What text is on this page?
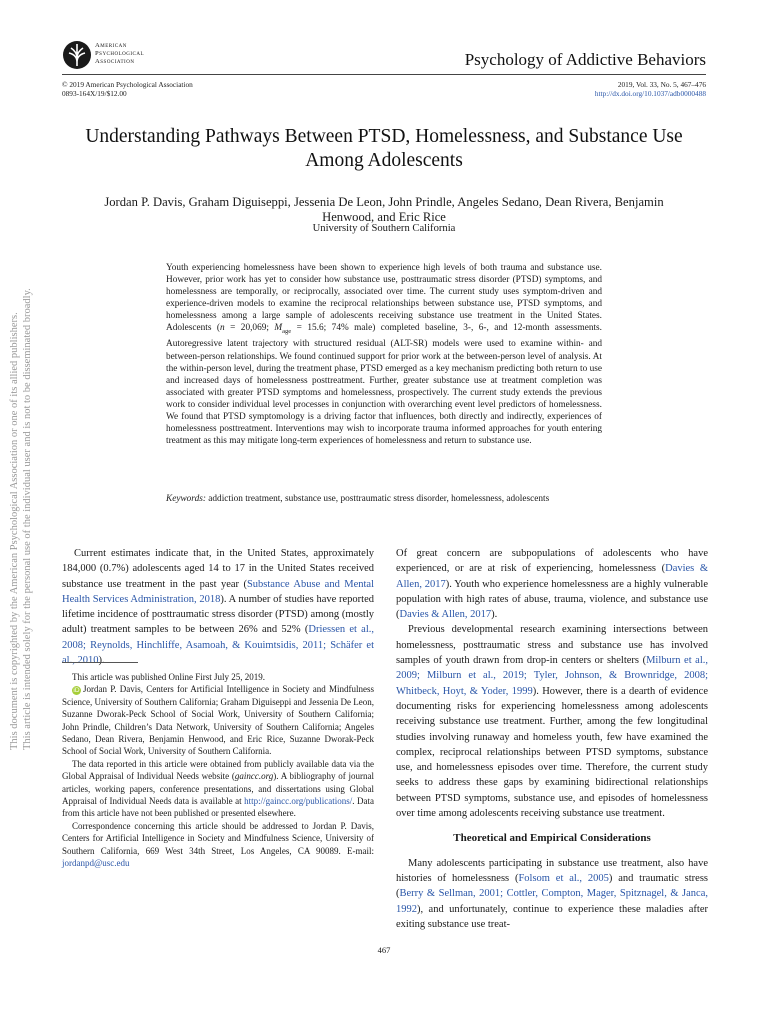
American
Psychological
Association	Psychology of Addictive Behaviors
© 2019 American Psychological Association
0893-164X/19/$12.00
2019, Vol. 33, No. 5, 467–476
http://dx.doi.org/10.1037/adb0000488
Understanding Pathways Between PTSD, Homelessness, and Substance Use Among Adolescents
Jordan P. Davis, Graham Diguiseppi, Jessenia De Leon, John Prindle, Angeles Sedano, Dean Rivera, Benjamin Henwood, and Eric Rice
University of Southern California
Youth experiencing homelessness have been shown to experience high levels of both trauma and substance use. However, prior work has yet to consider how substance use, posttraumatic stress disorder (PTSD) symptoms, and homelessness are temporally, or reciprocally, associated over time. The current study uses symptom-driven and experience-driven models to examine the reciprocal relationships between substance use, PTSD symptoms, and homelessness among a large sample of adolescents receiving substance use treatment in the United States. Adolescents (n = 20,069; $M_{age} = 15.6$; 74% male) completed baseline, 3-, 6-, and 12-month assessments. Autoregressive latent trajectory with structured residual (ALT-SR) models were used to examine within- and between-person relationships. We found continued support for prior work at the between-person level of analysis. At the within-person level, during the treatment phase, PTSD emerged as a key mechanism predicting both return to use and increased days of homelessness posttreatment. Further, greater substance use at treatment completion was associated with greater PTSD symptoms and homelessness, prospectively. The current study extends the previous work to consider individual level processes in conjunction with overarching event level predictors of homelessness. We found that PTSD symptomology is a driving factor that influences, both directly and indirectly, experiences of homelessness posttreatment. Interventions may wish to incorporate trauma informed approaches for youth entering treatment as this may mitigate long-term experiences of homelessness and return to substance use.
Keywords: addiction treatment, substance use, posttraumatic stress disorder, homelessness, adolescents
This document is copyrighted by the American Psychological Association or one of its allied publishers. This article is intended solely for the personal use of the individual user and is not to be disseminated broadly.	Current estimates indicate that, in the United States, approximately 184,000 (0.7%) adolescents aged 14 to 17 in the United States received substance use treatment in the past year (Substance Abuse and Mental Health Services Administration, 2018). A number of studies have reported lifetime incidence of posttraumatic stress disorder (PTSD) among (mostly adult) treatment samples to be between 26% and 52% (Driessen et al., 2008; Reynolds, Hinchliffe, Asamoah, & Kouimtsidis, 2011; Schäfer et al., 2010).

This article was published Online First July 25, 2019.

iD Jordan P. Davis, Centers for Artificial Intelligence in Society and Mindfulness Science, University of Southern California; Graham Diguiseppi and Jessenia De Leon, Suzanne Dworak-Peck School of Social Work, University of Southern California; John Prindle, Children’s Data Network, University of Southern California; Angeles Sedano, Dean Rivera, Benjamin Henwood, and Eric Rice, Suzanne Dworak-Peck School of Social Work, University of Southern California.

The data reported in this article were obtained from publicly available data via the Global Appraisal of Individual Needs website (gaincc.org). A bibliography of journal articles, working papers, conference presentations, and dissertations using Global Appraisal of Individual Needs data is available at http://gaincc.org/publications/. Data from this article have not been published or presented elsewhere.

Correspondence concerning this article should be addressed to Jordan P. Davis, Centers for Artificial Intelligence in Society and Mindfulness Science, University of Southern California, 669 West 34th Street, Los Angeles, CA 90089. E-mail: jordanpd@usc.edu

Of great concern are subpopulations of adolescents who have experienced, or are at risk of experiencing, homelessness (Davies & Allen, 2017). Youth who experience homelessness are a highly vulnerable population with high rates of abuse, trauma, violence, and substance use (Davies & Allen, 2017).

Previous developmental research examining intersections between homelessness, posttraumatic stress and substance use has involved samples of youth drawn from drop-in centers or shelters (Milburn et al., 2009; Milburn et al., 2019; Tyler, Johnson, & Brownridge, 2008; Whitbeck, Hoyt, & Yoder, 1999). However, there is a dearth of evidence documenting risks for experiencing homelessness among adolescents receiving substance use treatment. Further, among the few longitudinal studies involving runaway and homeless youth, few have examined the complex, reciprocal relationships between PTSD symptoms, substance use, and homelessness episodes over time. Therefore, the current study seeks to address these gaps by examining bidirectional relationships between PTSD symptoms, substance use, and episodes of homelessness over time among adolescents receiving substance use treatment.

Theoretical and Empirical Considerations

Many adolescents participating in substance use treatment, also have histories of homelessness (Folsom et al., 2005) and traumatic stress (Berry & Sellman, 2001; Cottler, Compton, Mager, Spitznagel, & Janca, 1992), and unfortunately, continue to experience these maladies after exiting substance use treat-

467
